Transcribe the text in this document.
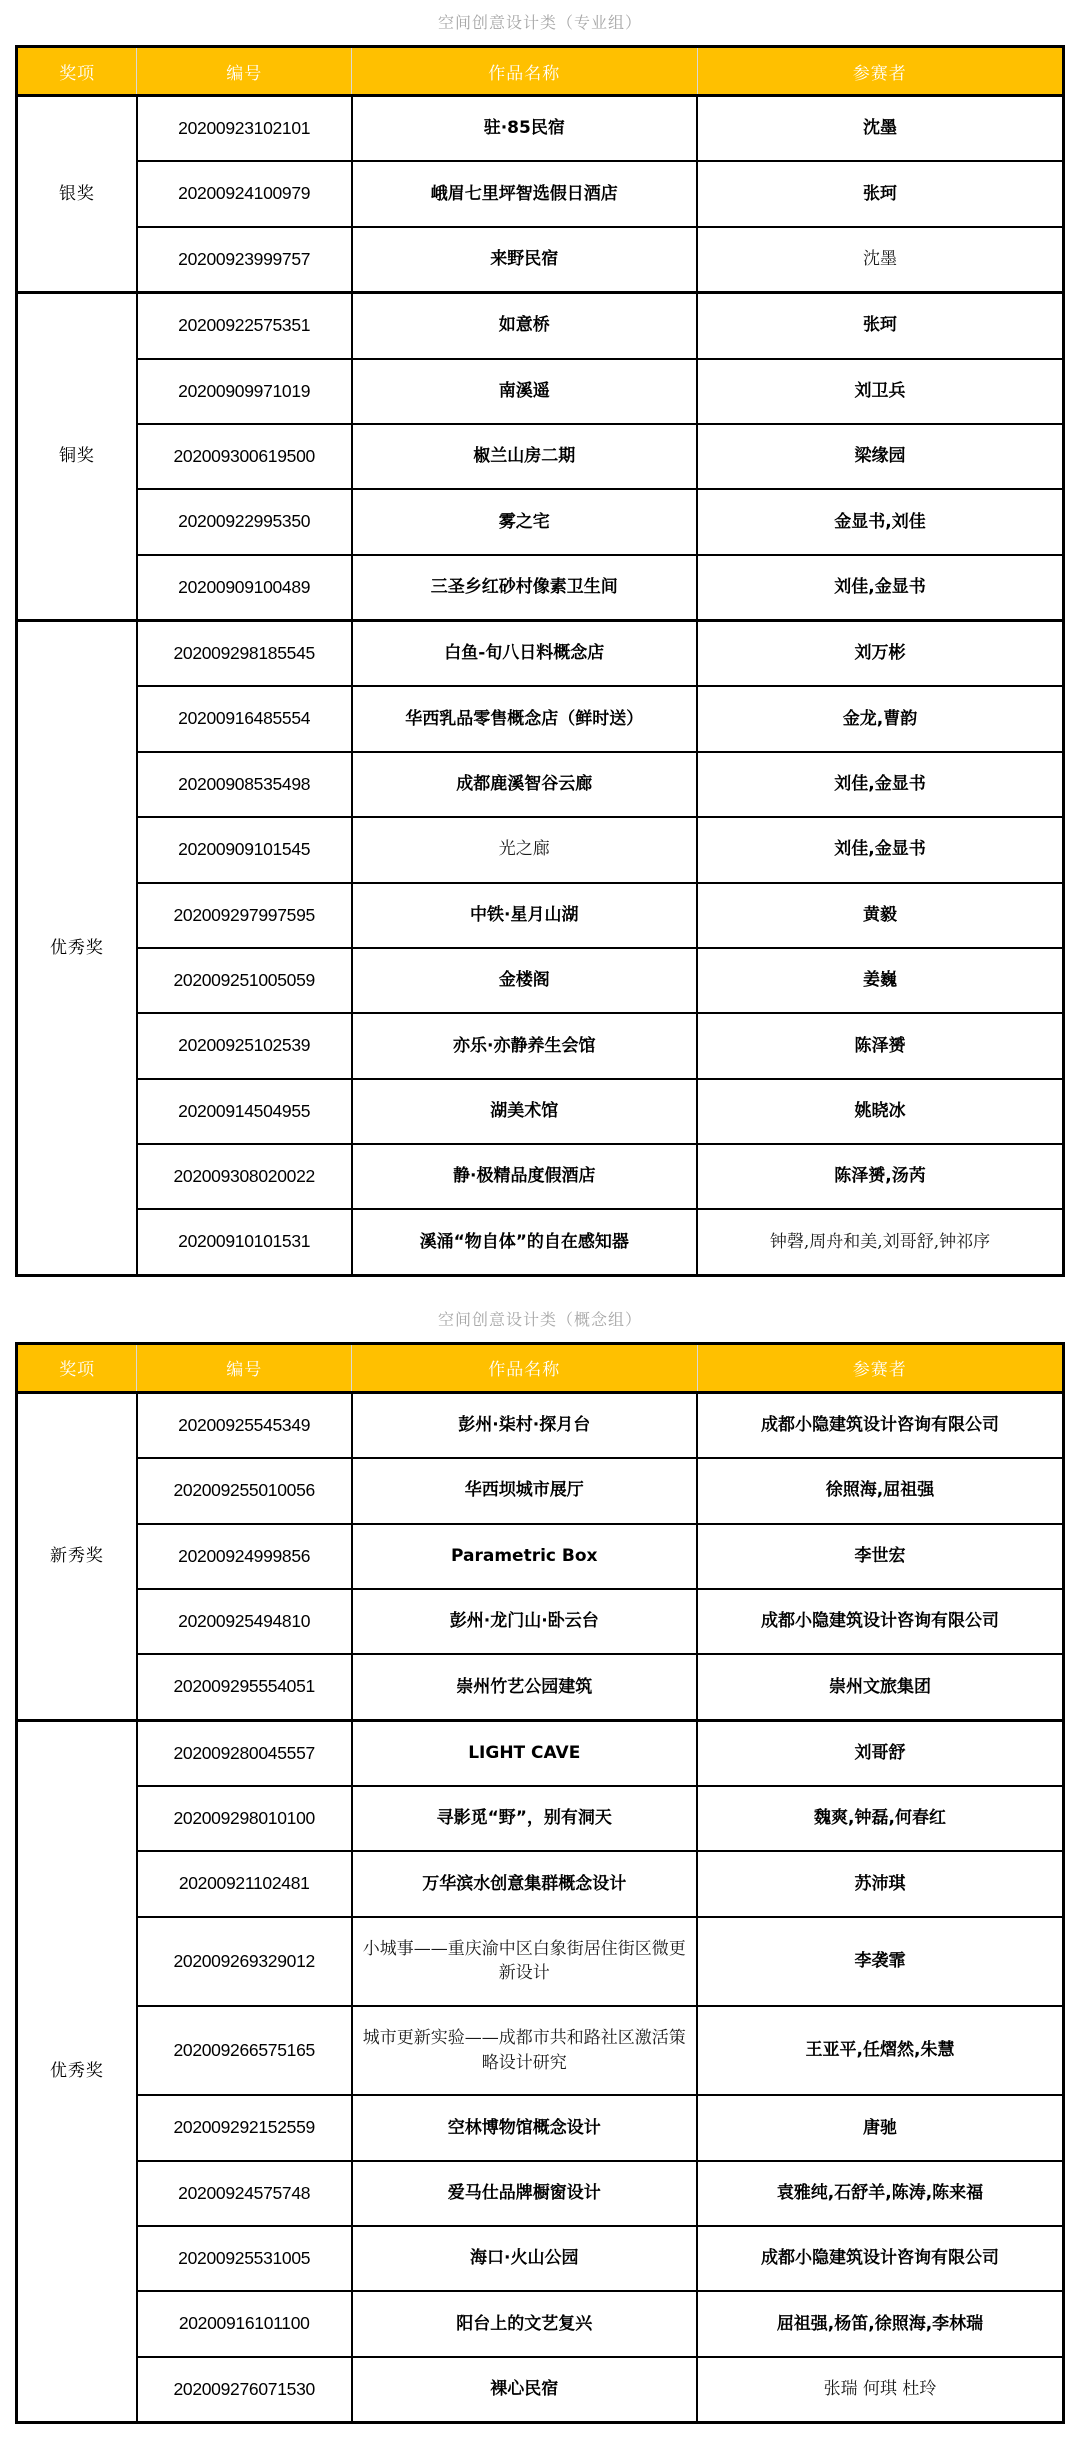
空间创意设计类（专业组）
奖项	编号	作品名称	参赛者
银奖	20200923102101	驻·85民宿	沈墨
	20200924100979	峨眉七里坪智选假日酒店	张珂
	20200923999757	来野民宿	沈墨
铜奖	20200922575351	如意桥	张珂
	20200909971019	南溪遥	刘卫兵
	202009300619500	椒兰山房二期	梁缘园
	20200922995350	雾之宅	金显书,刘佳
	20200909100489	三圣乡红砂村像素卫生间	刘佳,金显书
优秀奖	202009298185545	白鱼-旬八日料概念店	刘万彬
	20200916485554	华西乳品零售概念店（鲜时送）	金龙,曹韵
	20200908535498	成都鹿溪智谷云廊	刘佳,金显书
	20200909101545	光之廊	刘佳,金显书
	202009297997595	中铁·星月山湖	黄毅
	202009251005059	金楼阁	姜巍
	20200925102539	亦乐·亦静养生会馆	陈泽赟
	20200914504955	湖美术馆	姚晓冰
	202009308020022	静·极精品度假酒店	陈泽赟,汤芮
	20200910101531	溪涌“物自体”的自在感知器	钟磬,周舟和美,刘哥舒,钟祁序
空间创意设计类（概念组）
奖项	编号	作品名称	参赛者
新秀奖	20200925545349	彭州·柒村·探月台	成都小隐建筑设计咨询有限公司
	202009255010056	华西坝城市展厅	徐照海,屈祖强
	20200924999856	Parametric Box	李世宏
	20200925494810	彭州·龙门山·卧云台	成都小隐建筑设计咨询有限公司
	202009295554051	崇州竹艺公园建筑	崇州文旅集团
优秀奖	202009280045557	LIGHT CAVE	刘哥舒
	202009298010100	寻影觅“野”，别有洞天	魏爽,钟磊,何春红
	20200921102481	万华滨水创意集群概念设计	苏沛琪
	202009269329012	小城事——重庆渝中区白象街居住街区微更新设计	李袭霏
	202009266575165	城市更新实验——成都市共和路社区激活策略设计研究	王亚平,任熠然,朱慧
	202009292152559	空林博物馆概念设计	唐驰
	20200924575748	爱马仕品牌橱窗设计	袁雅纯,石舒羊,陈涛,陈来福
	20200925531005	海口·火山公园	成都小隐建筑设计咨询有限公司
	20200916101100	阳台上的文艺复兴	屈祖强,杨笛,徐照海,李林瑞
	202009276071530	裸心民宿	张瑞 何琪 杜玲
